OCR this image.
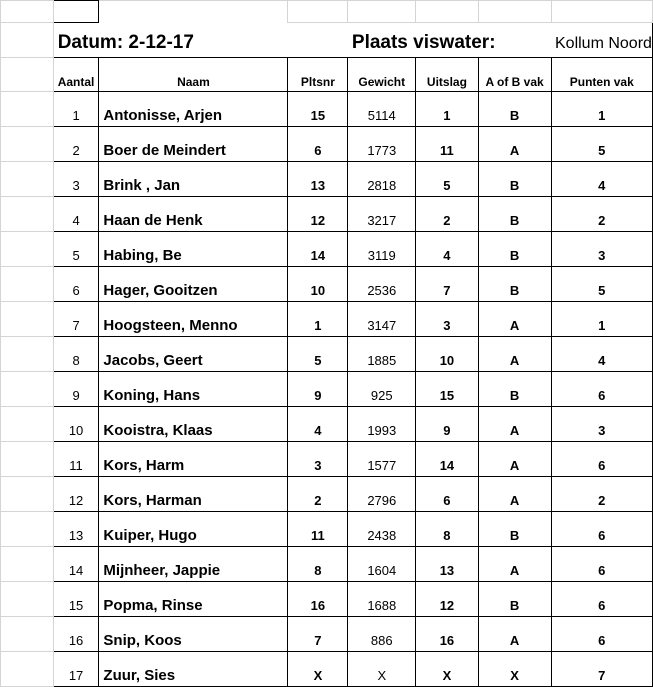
	Datum: 2-12-17			Plaats viswater:			Kollum Noord
	Aantal	Naam	Pltsnr	Gewicht	Uitslag	A of B vak	Punten vak
	1	Antonisse, Arjen	15	5114	1	B	1
	2	Boer de Meindert	6	1773	11	A	5
	3	Brink , Jan	13	2818	5	B	4
	4	Haan de Henk	12	3217	2	B	2
	5	Habing, Be	14	3119	4	B	3
	6	Hager, Gooitzen	10	2536	7	B	5
	7	Hoogsteen, Menno	1	3147	3	A	1
	8	Jacobs, Geert	5	1885	10	A	4
	9	Koning, Hans	9	925	15	B	6
	10	Kooistra, Klaas	4	1993	9	A	3
	11	Kors, Harm	3	1577	14	A	6
	12	Kors, Harman	2	2796	6	A	2
	13	Kuiper, Hugo	11	2438	8	B	6
	14	Mijnheer, Jappie	8	1604	13	A	6
	15	Popma, Rinse	16	1688	12	B	6
	16	Snip, Koos	7	886	16	A	6
	17	Zuur, Sies	X	X	X	X	7
